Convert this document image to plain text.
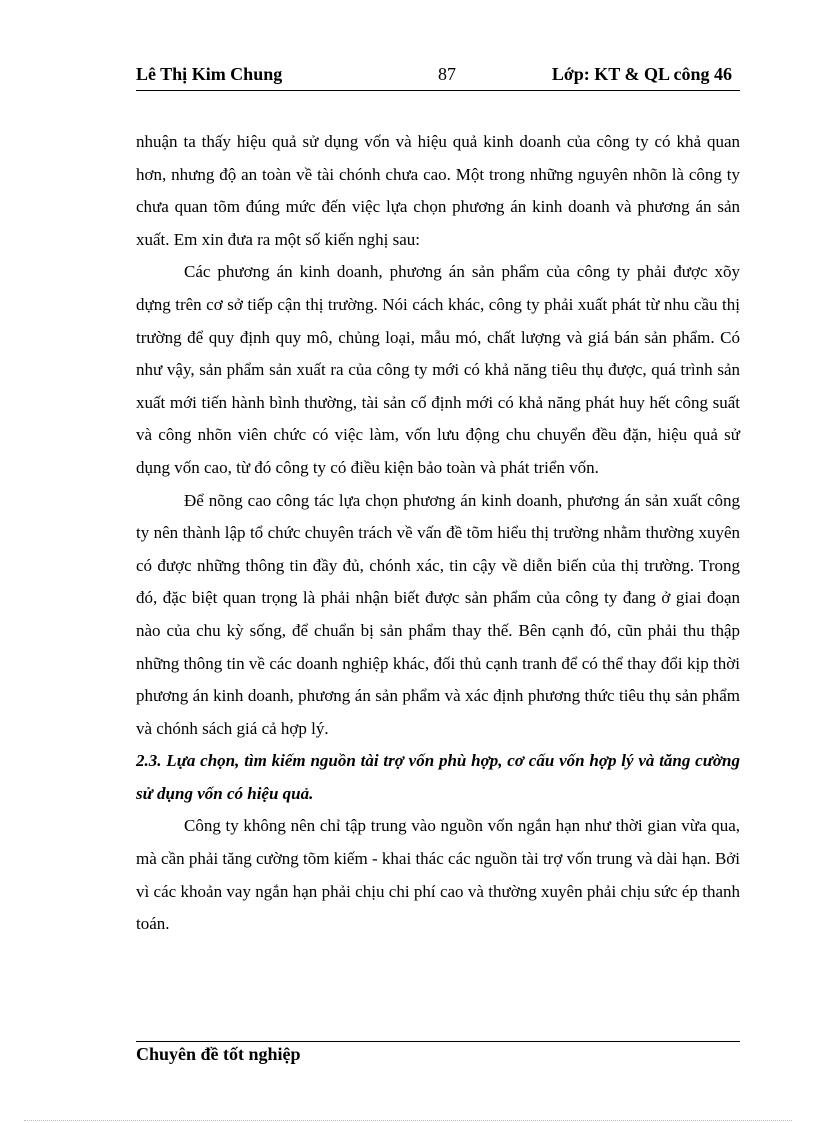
Lê Thị Kim Chung	87	Lớp: KT & QL công 46

nhuận ta thấy hiệu quả sử dụng vốn và hiệu quả kinh doanh của công ty có khả quan hơn, nhưng độ an toàn về tài chónh chưa cao. Một trong những nguyên nhõn là công ty chưa quan tõm đúng mức đến việc lựa chọn phương án kinh doanh và phương án sản xuất. Em xin đưa ra một số kiến nghị sau:

Các phương án kinh doanh, phương án sản phẩm của công ty phải được xõy dựng trên cơ sở tiếp cận thị trường. Nói cách khác, công ty phải xuất phát từ nhu cầu thị trường để quy định quy mô, chủng loại, mẫu mó, chất lượng và giá bán sản phẩm. Có như vậy, sản phẩm sản xuất ra của công ty mới có khả năng tiêu thụ được, quá trình sản xuất mới tiến hành bình thường, tài sản cố định mới có khả năng phát huy hết công suất và công nhõn viên chức có việc làm, vốn lưu động chu chuyển đều đặn, hiệu quả sử dụng vốn cao, từ đó công ty có điều kiện bảo toàn và phát triển vốn.

Để nõng cao công tác lựa chọn phương án kinh doanh, phương án sản xuất công ty nên thành lập tổ chức chuyên trách về vấn đề tõm hiểu thị trường nhằm thường xuyên có được những thông tin đầy đủ, chónh xác, tin cậy về diễn biến của thị trường. Trong đó, đặc biệt quan trọng là phải nhận biết được sản phẩm của công ty đang ở giai đoạn nào của chu kỳ sống, để chuẩn bị sản phẩm thay thế. Bên cạnh đó, cũn phải thu thập những thông tin về các doanh nghiệp khác, đối thủ cạnh tranh để có thể thay đổi kịp thời phương án kinh doanh, phương án sản phẩm và xác định phương thức tiêu thụ sản phẩm và chónh sách giá cả hợp lý.

2.3. Lựa chọn, tìm kiếm nguồn tài trợ vốn phù hợp, cơ cấu vốn hợp lý và tăng cường sử dụng vốn có hiệu quả.

Công ty không nên chỉ tập trung vào nguồn vốn ngắn hạn như thời gian vừa qua, mà cần phải tăng cường tõm kiếm - khai thác các nguồn tài trợ vốn trung và dài hạn. Bởi vì các khoản vay ngắn hạn phải chịu chi phí cao và thường xuyên phải chịu sức ép thanh toán.

Chuyên đề tốt nghiệp
